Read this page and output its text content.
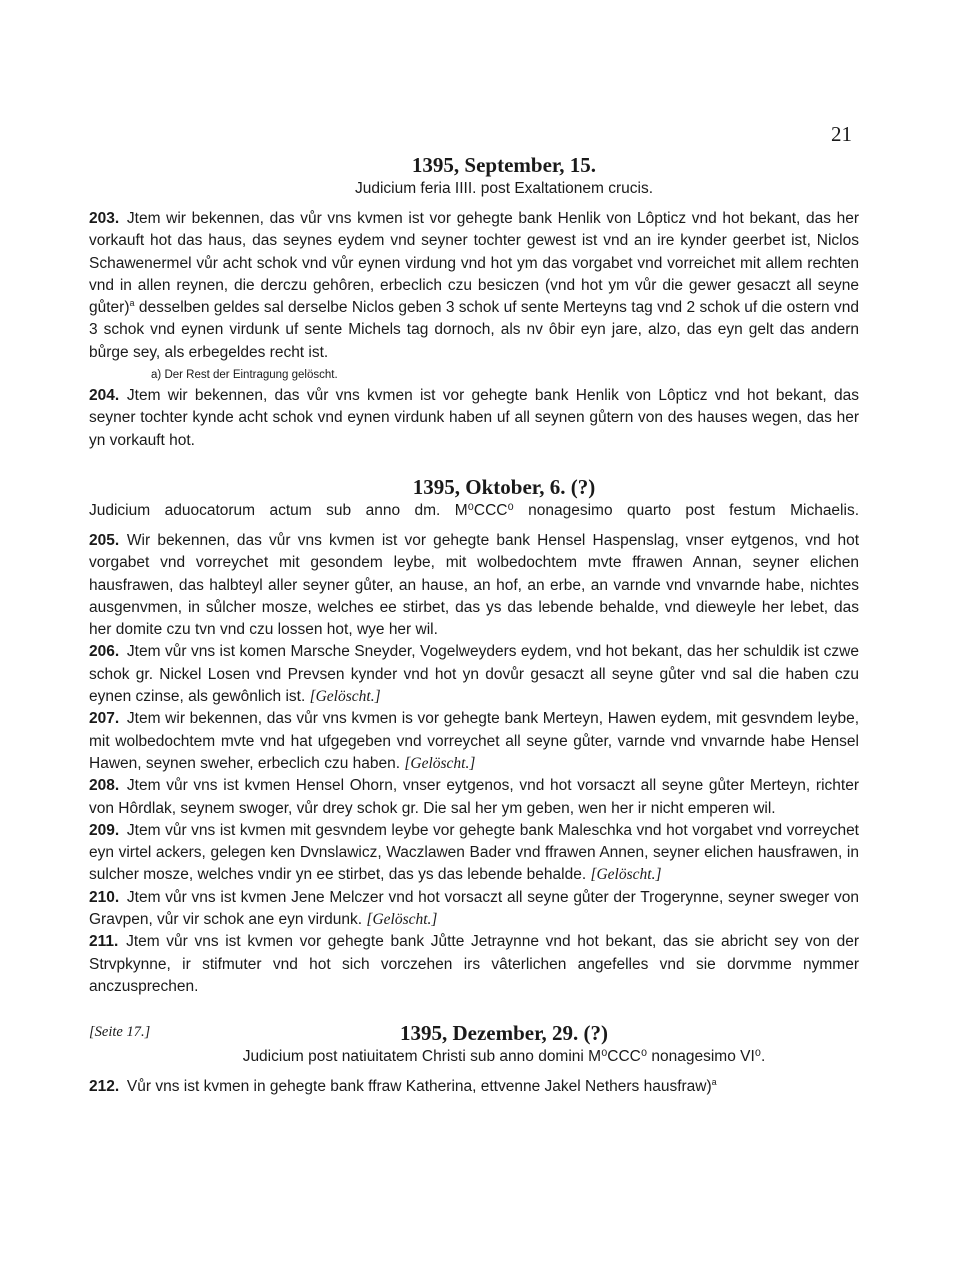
21
1395, September, 15.

Judicium feria IIII. post Exaltationem crucis.

203. Jtem wir bekennen, das vůr vns kvmen ist vor gehegte bank Henlik von Lôpticz vnd hot bekant, das her vorkauft hot das haus, das seynes eydem vnd seyner tochter gewest ist vnd an ire kynder geerbet ist, Niclos Schawenermel vůr acht schok vnd vůr eynen virdung vnd hot ym das vorgabet vnd vorreichet mit allem rechten vnd in allen reynen, die derczu gehôren, erbeclich czu besiczen (vnd hot ym vůr die gewer gesaczt all seyne gůter)$^a$ desselben geldes sal derselbe Niclos geben 3 schok uf sente Merteyns tag vnd 2 schok uf die ostern vnd 3 schok vnd eynen virdunk uf sente Michels tag dornoch, als nv ôbir eyn jare, alzo, das eyn gelt das andern bůrge sey, als erbegeldes recht ist.

a) Der Rest der Eintragung gelöscht.

204. Jtem wir bekennen, das vůr vns kvmen ist vor gehegte bank Henlik von Lôpticz vnd hot bekant, das seyner tochter kynde acht schok vnd eynen virdunk haben uf all seynen gůtern von des hauses wegen, das her yn vorkauft hot.

1395, Oktober, 6. (?)

Judicium aduocatorum actum sub anno dm. M⁰CCC⁰ nonagesimo quarto post festum Michaelis.

205. Wir bekennen, das vůr vns kvmen ist vor gehegte bank Hensel Haspenslag, vnser eytgenos, vnd hot vorgabet vnd vorreychet mit gesondem leybe, mit wolbedochtem mvte ffrawen Annan, seyner elichen hausfrawen, das halbteyl aller seyner gůter, an hause, an hof, an erbe, an varnde vnd vnvarnde habe, nichtes ausgenvmen, in sůlcher mosze, welches ee stirbet, das ys das lebende behalde, vnd dieweyle her lebet, das her domite czu tvn vnd czu lossen hot, wye her wil.

206. Jtem vůr vns ist komen Marsche Sneyder, Vogelweyders eydem, vnd hot bekant, das her schuldik ist czwe schok gr. Nickel Losen vnd Prevsen kynder vnd hot yn dovůr gesaczt all seyne gůter vnd sal die haben czu eynen czinse, als gewônlich ist. [Gelöscht.]

207. Jtem wir bekennen, das vůr vns kvmen is vor gehegte bank Merteyn, Hawen eydem, mit gesvndem leybe, mit wolbedochtem mvte vnd hat ufgegeben vnd vorreychet all seyne gůter, varnde vnd vnvarnde habe Hensel Hawen, seynen sweher, erbeclich czu haben. [Gelöscht.]

208. Jtem vůr vns ist kvmen Hensel Ohorn, vnser eytgenos, vnd hot vorsaczt all seyne gůter Merteyn, richter von Hôrdlak, seynem swoger, vůr drey schok gr. Die sal her ym geben, wen her ir nicht emperen wil.

209. Jtem vůr vns ist kvmen mit gesvndem leybe vor gehegte bank Maleschka vnd hot vorgabet vnd vorreychet eyn virtel ackers, gelegen ken Dvnslawicz, Waczlawen Bader vnd ffrawen Annen, seyner elichen hausfrawen, in sulcher mosze, welches vndir yn ee stirbet, das ys das lebende behalde. [Gelöscht.]

210. Jtem vůr vns ist kvmen Jene Melczer vnd hot vorsaczt all seyne gůter der Trogerynne, seyner sweger von Gravpen, vůr vir schok ane eyn virdunk. [Gelöscht.]

211. Jtem vůr vns ist kvmen vor gehegte bank Jůtte Jetraynne vnd hot bekant, das sie abricht sey von der Strvpkynne, ir stifmuter vnd hot sich vorczehen irs vâterlichen angefelles vnd sie dorvmme nymmer anczusprechen.

[Seite 17.]	1395, Dezember, 29. (?)

Judicium post natiuitatem Christi sub anno domini M⁰CCC⁰ nonagesimo VI⁰.

212. Vůr vns ist kvmen in gehegte bank ffraw Katherina, ettvenne Jakel Nethers hausfraw)$^a$
